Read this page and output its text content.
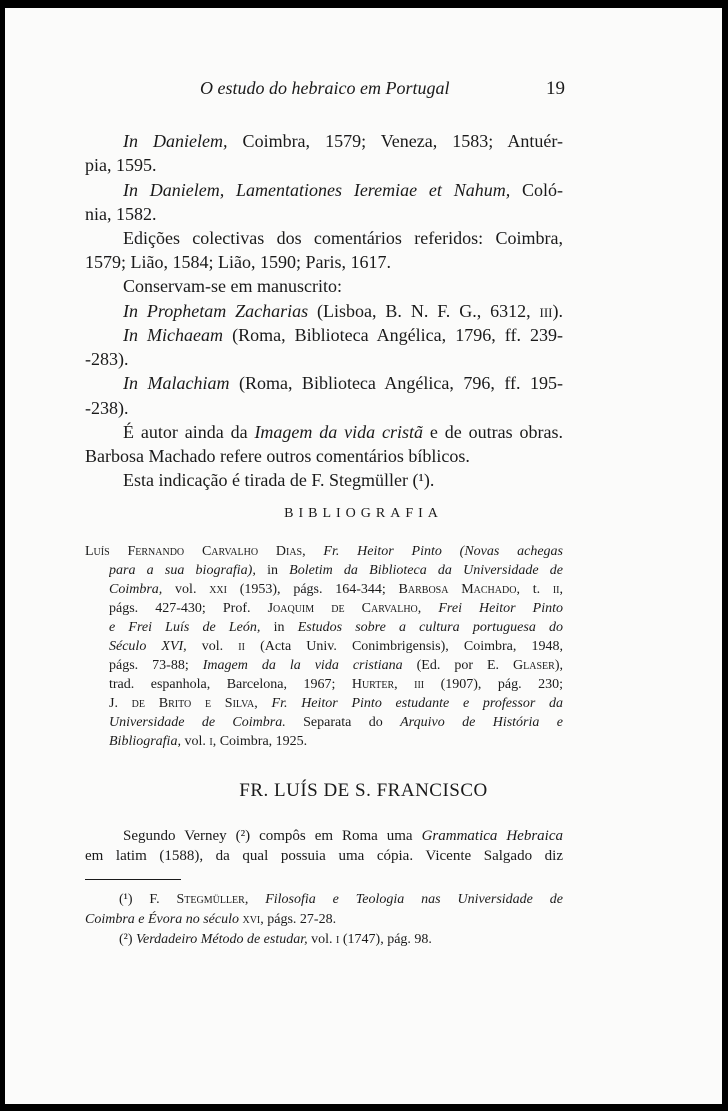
O estudo do hebraico em Portugal	19
In Danielem, Coimbra, 1579; Veneza, 1583; Antuér-
pia, 1595.
In Danielem, Lamentationes Ieremiae et Nahum, Coló-
nia, 1582.
Edições colectivas dos comentários referidos: Coimbra,
1579; Lião, 1584; Lião, 1590; Paris, 1617.
Conservam-se em manuscrito:
In Prophetam Zacharias (Lisboa, B. N. F. G., 6312, iii).
In Michaeam (Roma, Biblioteca Angélica, 1796, ff. 239-
-283).
In Malachiam (Roma, Biblioteca Angélica, 796, ff. 195-
-238).
É autor ainda da Imagem da vida cristã e de outras obras.
Barbosa Machado refere outros comentários bíblicos.
Esta indicação é tirada de F. Stegmüller (¹).
BIBLIOGRAFIA
Luís Fernando Carvalho Dias, Fr. Heitor Pinto (Novas achegas
para a sua biografia), in Boletim da Biblioteca da Universidade de
Coimbra, vol. xxi (1953), págs. 164-344; Barbosa Machado, t. ii,
págs. 427-430; Prof. Joaquim de Carvalho, Frei Heitor Pinto
e Frei Luís de León, in Estudos sobre a cultura portuguesa do
Século XVI, vol. ii (Acta Univ. Conimbrigensis), Coimbra, 1948,
págs. 73-88; Imagem da la vida cristiana (Ed. por E. Glaser),
trad. espanhola, Barcelona, 1967; Hurter, iii (1907), pág. 230;
J. de Brito e Silva, Fr. Heitor Pinto estudante e professor da
Universidade de Coimbra. Separata do Arquivo de História e
Bibliografia, vol. i, Coimbra, 1925.
FR. LUÍS DE S. FRANCISCO
Segundo Verney (²) compôs em Roma uma Grammatica Hebraica
em latim (1588), da qual possuia uma cópia. Vicente Salgado diz
(¹) F. Stegmüller, Filosofia e Teologia nas Universidade de
Coimbra e Évora no século xvi, págs. 27-28.
(²) Verdadeiro Método de estudar, vol. i (1747), pág. 98.
